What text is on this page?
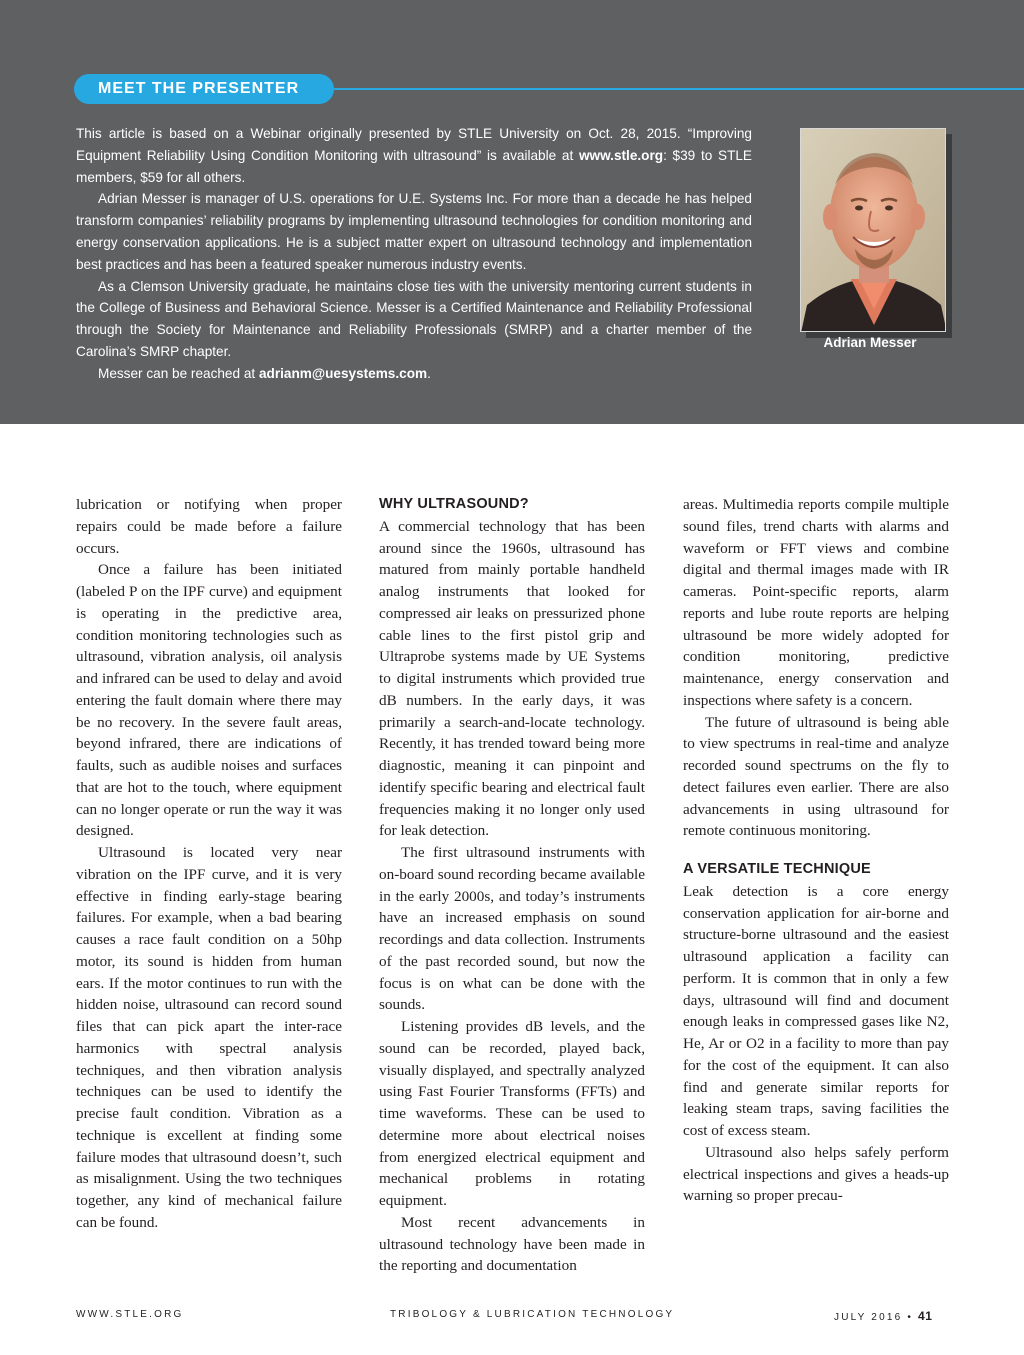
MEET THE PRESENTER

This article is based on a Webinar originally presented by STLE University on Oct. 28, 2015. “Improving Equipment Reliability Using Condition Monitoring with ultrasound” is available at www.stle.org: $39 to STLE members, $59 for all others.

Adrian Messer is manager of U.S. operations for U.E. Systems Inc. For more than a decade he has helped transform companies’ reliability programs by implementing ultrasound technologies for condition monitoring and energy conservation applications. He is a subject matter expert on ultrasound technology and implementation best practices and has been a featured speaker numerous industry events.

As a Clemson University graduate, he maintains close ties with the university mentoring current students in the College of Business and Behavioral Science. Messer is a Certified Maintenance and Reliability Professional through the Society for Maintenance and Reliability Professionals (SMRP) and a charter member of the Carolina’s SMRP chapter.

Messer can be reached at adrianm@uesystems.com.

Adrian Messer

lubrication or notifying when proper repairs could be made before a failure occurs.

Once a failure has been initiated (labeled P on the IPF curve) and equipment is operating in the predictive area, condition monitoring technologies such as ultrasound, vibration analysis, oil analysis and infrared can be used to delay and avoid entering the fault domain where there may be no recovery. In the severe fault areas, beyond infrared, there are indications of faults, such as audible noises and surfaces that are hot to the touch, where equipment can no longer operate or run the way it was designed.

Ultrasound is located very near vibration on the IPF curve, and it is very effective in finding early-stage bearing failures. For example, when a bad bearing causes a race fault condition on a 50hp motor, its sound is hidden from human ears. If the motor continues to run with the hidden noise, ultrasound can record sound files that can pick apart the inter-race harmonics with spectral analysis techniques, and then vibration analysis techniques can be used to identify the precise fault condition. Vibration as a technique is excellent at finding some failure modes that ultrasound doesn’t, such as misalignment. Using the two techniques together, any kind of mechanical failure can be found.

WHY ULTRASOUND?

A commercial technology that has been around since the 1960s, ultrasound has matured from mainly portable handheld analog instruments that looked for compressed air leaks on pressurized phone cable lines to the first pistol grip and Ultraprobe systems made by UE Systems to digital instruments which provided true dB numbers. In the early days, it was primarily a search-and-locate technology. Recently, it has trended toward being more diagnostic, meaning it can pinpoint and identify specific bearing and electrical fault frequencies making it no longer only used for leak detection.

The first ultrasound instruments with on-board sound recording became available in the early 2000s, and today’s instruments have an increased emphasis on sound recordings and data collection. Instruments of the past recorded sound, but now the focus is on what can be done with the sounds.

Listening provides dB levels, and the sound can be recorded, played back, visually displayed, and spectrally analyzed using Fast Fourier Transforms (FFTs) and time waveforms. These can be used to determine more about electrical noises from energized electrical equipment and mechanical problems in rotating equipment.

Most recent advancements in ultrasound technology have been made in the reporting and documentation

areas. Multimedia reports compile multiple sound files, trend charts with alarms and waveform or FFT views and combine digital and thermal images made with IR cameras. Point-specific reports, alarm reports and lube route reports are helping ultrasound be more widely adopted for condition monitoring, predictive maintenance, energy conservation and inspections where safety is a concern.

The future of ultrasound is being able to view spectrums in real-time and analyze recorded sound spectrums on the fly to detect failures even earlier. There are also advancements in using ultrasound for remote continuous monitoring.

A VERSATILE TECHNIQUE

Leak detection is a core energy conservation application for air-borne and structure-borne ultrasound and the easiest ultrasound application a facility can perform. It is common that in only a few days, ultrasound will find and document enough leaks in compressed gases like N2, He, Ar or O2 in a facility to more than pay for the cost of the equipment. It can also find and generate similar reports for leaking steam traps, saving facilities the cost of excess steam.

Ultrasound also helps safely perform electrical inspections and gives a heads-up warning so proper precau-

WWW.STLE.ORG	TRIBOLOGY & LUBRICATION TECHNOLOGY	JULY 2016 • 41
